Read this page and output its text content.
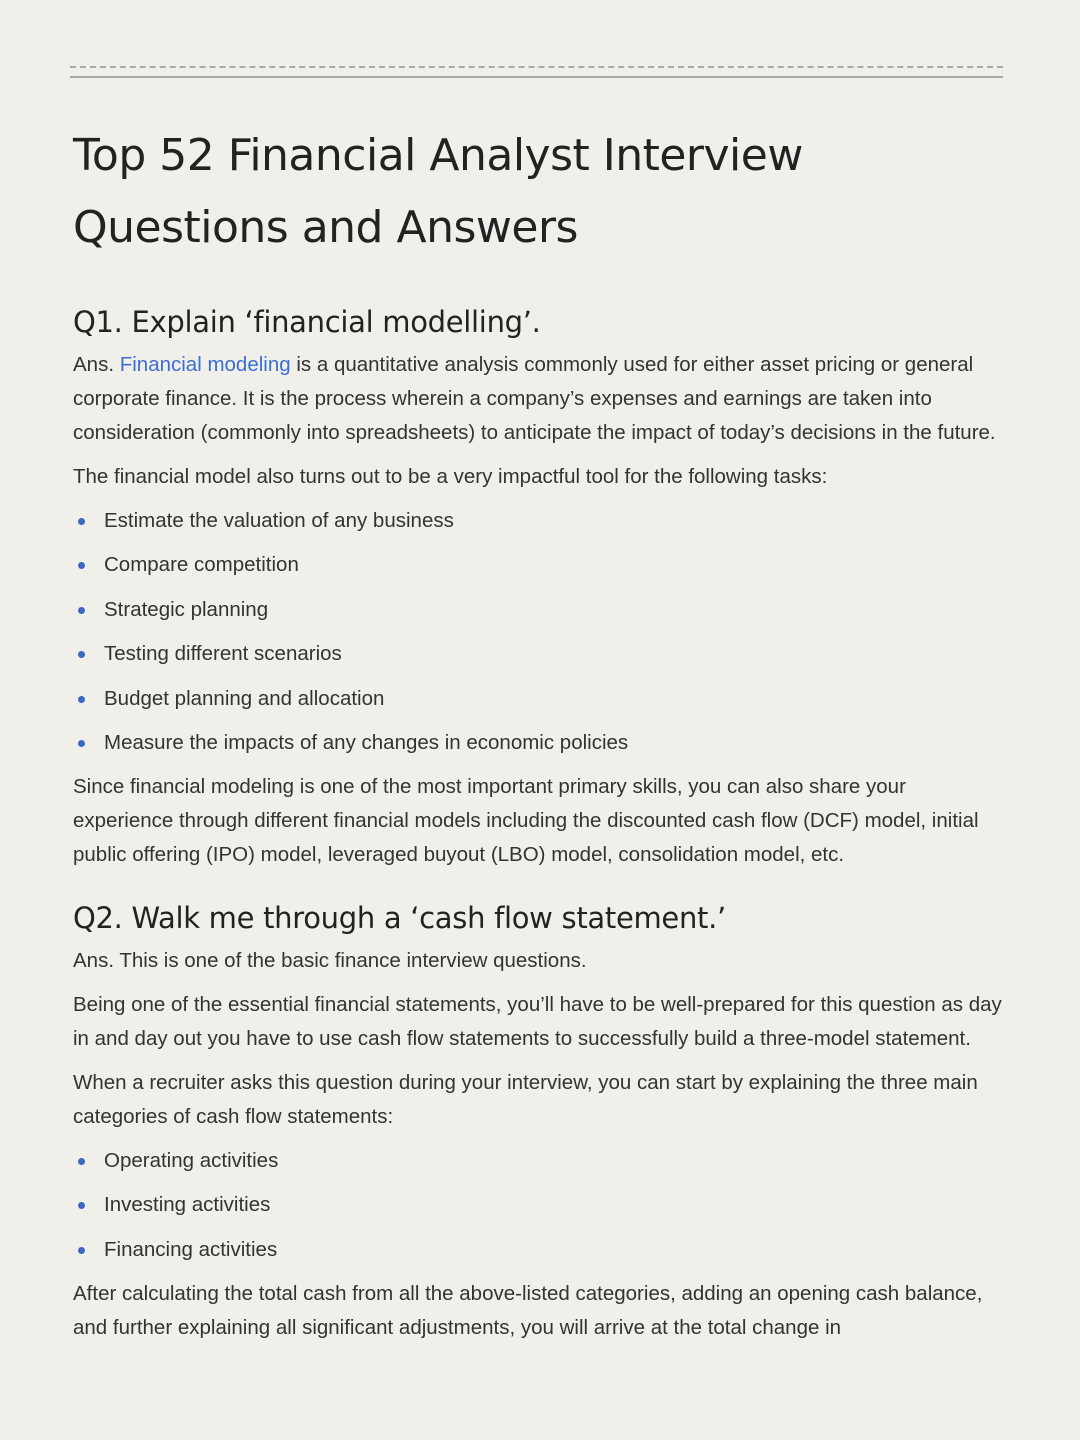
Top 52 Financial Analyst Interview
Questions and Answers
Q1. Explain ‘financial modelling’.

Ans. Financial modeling is a quantitative analysis commonly used for either asset pricing or general corporate finance. It is the process wherein a company’s expenses and earnings are taken into consideration (commonly into spreadsheets) to anticipate the impact of today’s decisions in the future.

The financial model also turns out to be a very impactful tool for the following tasks:

Estimate the valuation of any business
Compare competition
Strategic planning
Testing different scenarios
Budget planning and allocation
Measure the impacts of any changes in economic policies

Since financial modeling is one of the most important primary skills, you can also share your experience through different financial models including the discounted cash flow (DCF) model, initial public offering (IPO) model, leveraged buyout (LBO) model, consolidation model, etc.

Q2. Walk me through a ‘cash flow statement.’

Ans. This is one of the basic finance interview questions.

Being one of the essential financial statements, you’ll have to be well-prepared for this question as day in and day out you have to use cash flow statements to successfully build a three-model statement.

When a recruiter asks this question during your interview, you can start by explaining the three main categories of cash flow statements:

Operating activities
Investing activities
Financing activities

After calculating the total cash from all the above-listed categories, adding an opening cash balance, and further explaining all significant adjustments, you will arrive at the total change in
